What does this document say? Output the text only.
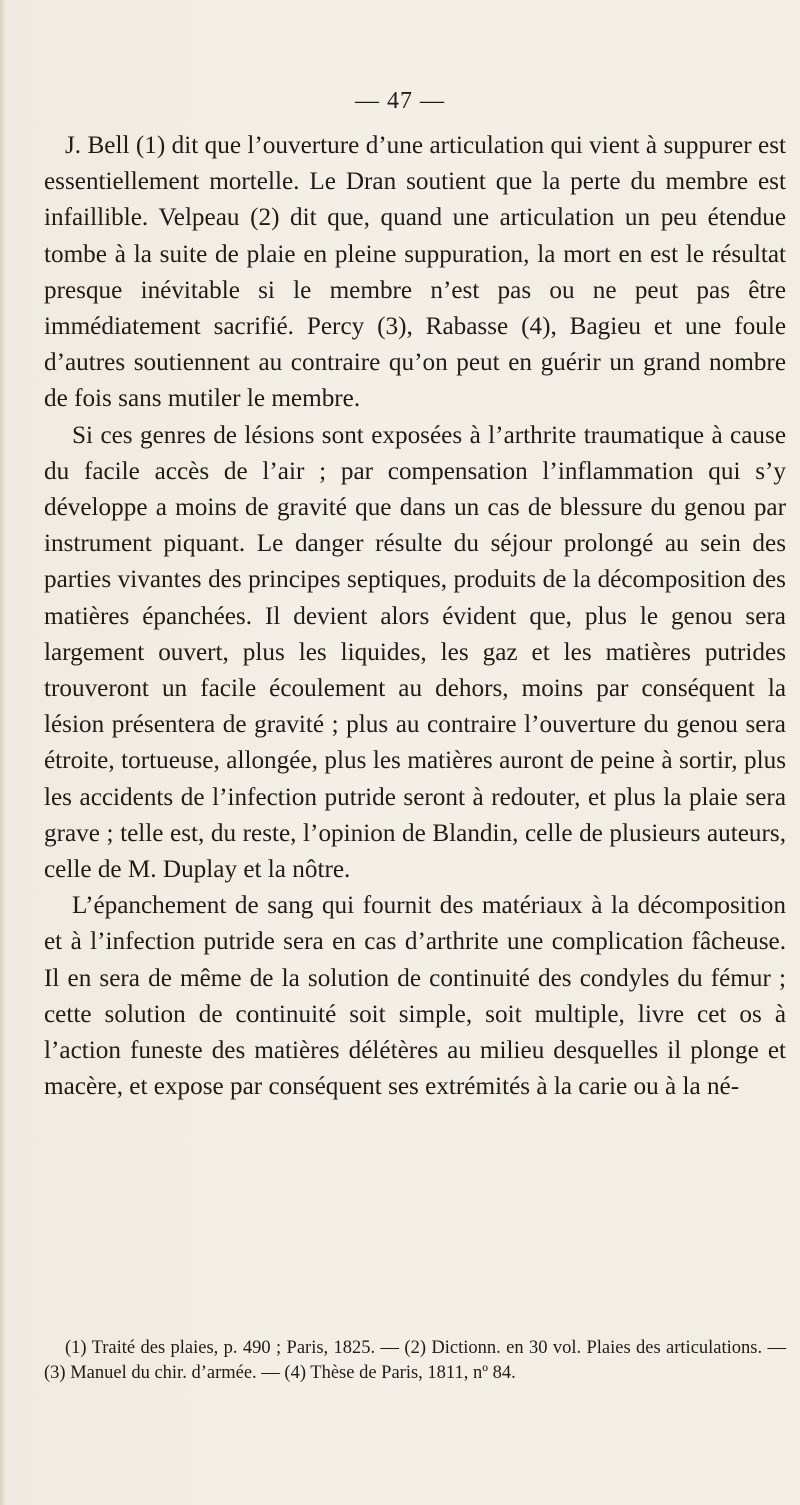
— 47 —

J. Bell (1) dit que l’ouverture d’une articulation qui vient à suppurer est essentiellement mortelle. Le Dran soutient que la perte du membre est infaillible. Velpeau (2) dit que, quand une articulation un peu étendue tombe à la suite de plaie en pleine suppuration, la mort en est le résultat presque inévitable si le membre n’est pas ou ne peut pas être immédiatement sacrifié. Percy (3), Rabasse (4), Bagieu et une foule d’autres soutiennent au contraire qu’on peut en guérir un grand nombre de fois sans mutiler le membre.

Si ces genres de lésions sont exposées à l’arthrite traumatique à cause du facile accès de l’air ; par compensation l’inflammation qui s’y développe a moins de gravité que dans un cas de blessure du genou par instrument piquant. Le danger résulte du séjour prolongé au sein des parties vivantes des principes septiques, produits de la décomposition des matières épanchées. Il devient alors évident que, plus le genou sera largement ouvert, plus les liquides, les gaz et les matières putrides trouveront un facile écoulement au dehors, moins par conséquent la lésion présentera de gravité ; plus au contraire l’ouverture du genou sera étroite, tortueuse, allongée, plus les matières auront de peine à sortir, plus les accidents de l’infection putride seront à redouter, et plus la plaie sera grave ; telle est, du reste, l’opinion de Blandin, celle de plusieurs auteurs, celle de M. Duplay et la nôtre.

L’épanchement de sang qui fournit des matériaux à la décomposition et à l’infection putride sera en cas d’arthrite une complication fâcheuse. Il en sera de même de la solution de continuité des condyles du fémur ; cette solution de continuité soit simple, soit multiple, livre cet os à l’action funeste des matières délétères au milieu desquelles il plonge et macère, et expose par conséquent ses extrémités à la carie ou à la né-

(1) Traité des plaies, p. 490 ; Paris, 1825. — (2) Dictionn. en 30 vol. Plaies des articulations. — (3) Manuel du chir. d’armée. — (4) Thèse de Paris, 1811, nº 84.
